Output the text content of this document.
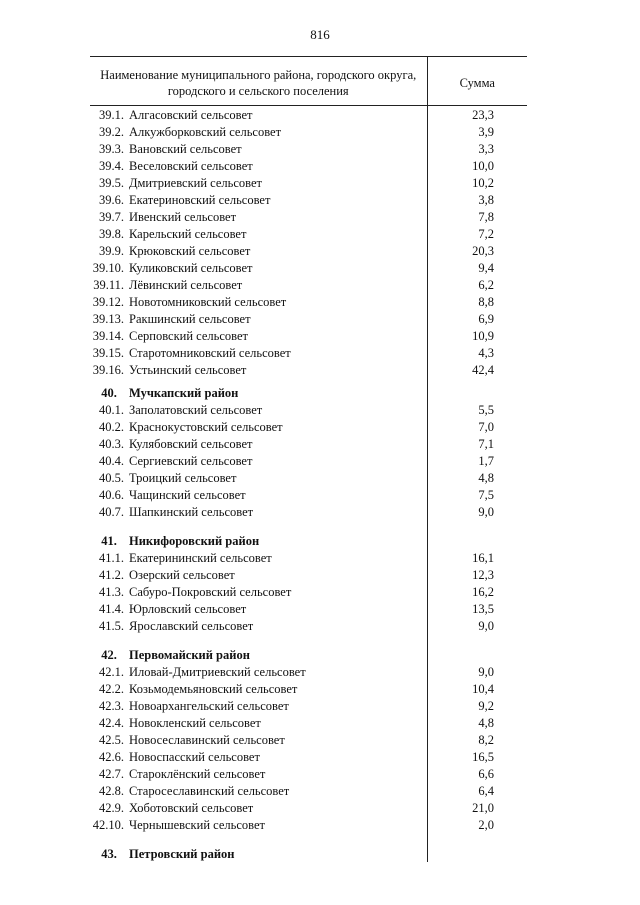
816
Наименование муниципального района, городского округа, городского и сельского поселения		Сумма
39.1.	Алгасовский сельсовет	23,3
39.2.	Алкужборковский сельсовет	3,9
39.3.	Вановский сельсовет	3,3
39.4.	Веселовский сельсовет	10,0
39.5.	Дмитриевский сельсовет	10,2
39.6.	Екатериновский сельсовет	3,8
39.7.	Ивенский сельсовет	7,8
39.8.	Карельский сельсовет	7,2
39.9.	Крюковский сельсовет	20,3
39.10.	Куликовский сельсовет	9,4
39.11.	Лёвинский сельсовет	6,2
39.12.	Новотомниковский сельсовет	8,8
39.13.	Ракшинский сельсовет	6,9
39.14.	Серповский сельсовет	10,9
39.15.	Старотомниковский сельсовет	4,3
39.16.	Устьинский сельсовет	42,4
40.	Мучкапский район	
40.1.	Заполатовский сельсовет	5,5
40.2.	Краснокустовский сельсовет	7,0
40.3.	Кулябовский сельсовет	7,1
40.4.	Сергиевский сельсовет	1,7
40.5.	Троицкий сельсовет	4,8
40.6.	Чащинский сельсовет	7,5
40.7.	Шапкинский сельсовет	9,0

41.	Никифоровский район	
41.1.	Екатерининский сельсовет	16,1
41.2.	Озерский сельсовет	12,3
41.3.	Сабуро-Покровский сельсовет	16,2
41.4.	Юрловский сельсовет	13,5
41.5.	Ярославский сельсовет	9,0

42.	Первомайский район	
42.1.	Иловай-Дмитриевский сельсовет	9,0
42.2.	Козьмодемьяновский сельсовет	10,4
42.3.	Новоархангельский сельсовет	9,2
42.4.	Новокленский сельсовет	4,8
42.5.	Новосеславинский сельсовет	8,2
42.6.	Новоспасский сельсовет	16,5
42.7.	Староклёнский сельсовет	6,6
42.8.	Старосеславинский сельсовет	6,4
42.9.	Хоботовский сельсовет	21,0
42.10.	Чернышевский сельсовет	2,0

43.	Петровский район	
